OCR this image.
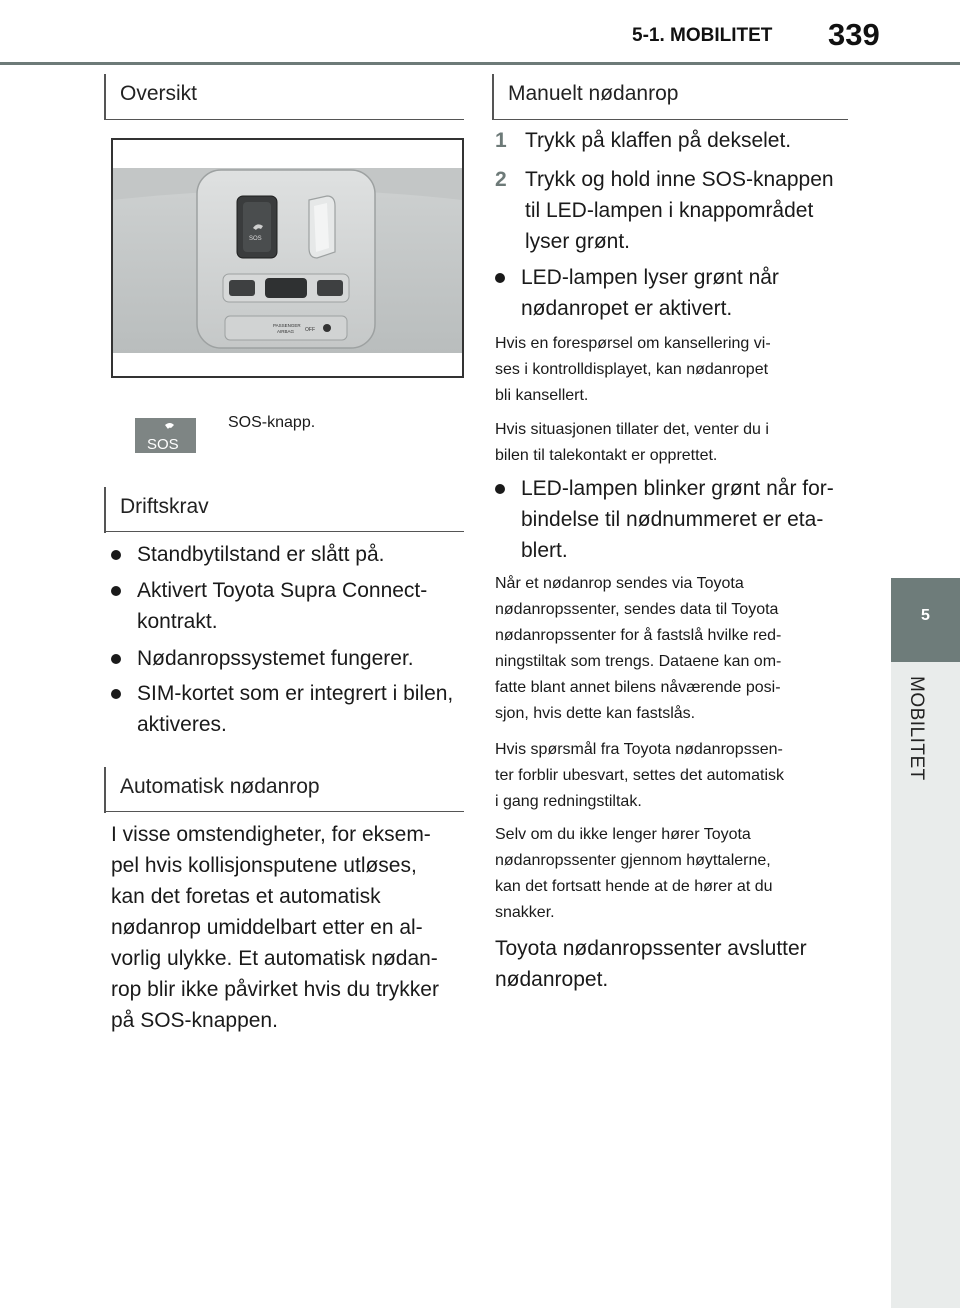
5-1. MOBILITET 339
5
MOBILITET
Oversikt
SOS
PASSENGER
AIRBAG OFF
SOS
SOS-knapp.
Driftskrav
Standbytilstand er slått på.
Aktivert Toyota Supra Connect-
kontrakt.
Nødanropssystemet fungerer.
SIM-kortet som er integrert i bilen,
aktiveres.
Automatisk nødanrop
I visse omstendigheter, for eksem-
pel hvis kollisjonsputene utløses,
kan det foretas et automatisk
nødanrop umiddelbart etter en al-
vorlig ulykke. Et automatisk nødan-
rop blir ikke påvirket hvis du trykker
på SOS-knappen.
Manuelt nødanrop
1 Trykk på klaffen på dekselet.
2 Trykk og hold inne SOS-knappen
til LED-lampen i knappområdet
lyser grønt.
LED-lampen lyser grønt når
nødanropet er aktivert.
Hvis en forespørsel om kansellering vi-
ses i kontrolldisplayet, kan nødanropet
bli kansellert.
Hvis situasjonen tillater det, venter du i
bilen til talekontakt er opprettet.
LED-lampen blinker grønt når for-
bindelse til nødnummeret er eta-
blert.
Når et nødanrop sendes via Toyota
nødanropssenter, sendes data til Toyota
nødanropssenter for å fastslå hvilke red-
ningstiltak som trengs. Dataene kan om-
fatte blant annet bilens nåværende posi-
sjon, hvis dette kan fastslås.
Hvis spørsmål fra Toyota nødanropssen-
ter forblir ubesvart, settes det automatisk
i gang redningstiltak.
Selv om du ikke lenger hører Toyota
nødanropssenter gjennom høyttalerne,
kan det fortsatt hende at de hører at du
snakker.
Toyota nødanropssenter avslutter
nødanropet.
